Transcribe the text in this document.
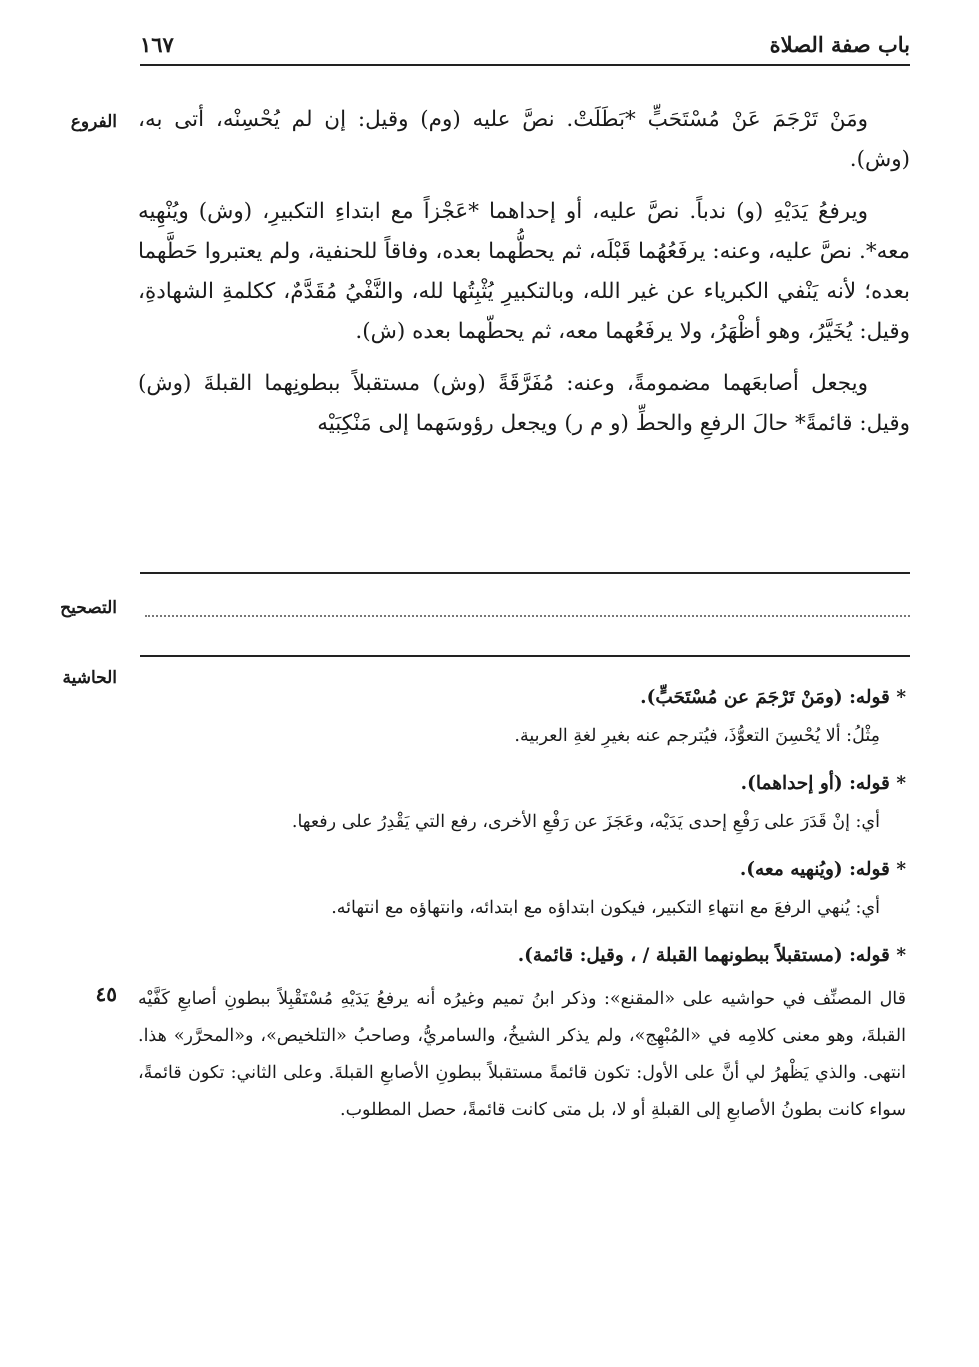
باب صفة الصلاة
١٦٧
الفروع ومَنْ تَرْجَمَ عَنْ مُسْتَحَبٍّ *بَطَلَتْ. نصَّ عليه (وم) وقيل: إن لم يُحْسِنْه، أتى به، (وش).

ويرفعُ يَدَيْهِ (و) ندباً. نصَّ عليه، أو إحداهما *عَجْزاً مع ابتداءِ التكبيرِ، (وش) ويُنْهِيه معه*. نصَّ عليه، وعنه: يرفَعُهُما قَبْلَه، ثم يحطُّهما بعده، وفاقاً للحنفية، ولم يعتبروا حَطَّهما بعده؛ لأنه يَنْفي الكبرياء عن غير الله، وبالتكبيرِ يُثْبِتُها لله، والنَّفْيُ مُقَدَّمٌ، ككلمةِ الشهادةِ، وقيل: يُخَيَّرُ، وهو أظْهَرُ، ولا يرفَعُهما معه، ثم يحطّهما بعده (ش).

ويجعل أصابعَهما مضمومةً، وعنه: مُفَرَّقَةً (وش) مستقبلاً ببطونِهما القبلةَ (وش) وقيل: قائمةً* حالَ الرفعِ والحطِّ (و م ر) ويجعل رؤوسَهما إلى مَنْكِبَيْه

التصحيح
الحاشية
٤٥

* قوله: (ومَنْ تَرْجَمَ عن مُسْتَحَبٍّ).

مِثْلُ: ألا يُحْسِنَ التعوُّذَ، فيُترجم عنه بغيرِ لغةِ العربية.

* قوله: (أو إحداهما).

أي: إنْ قَدَرَ على رَفْعِ إحدى يَدَيْه، وعَجَزَ عن رَفْعِ الأخرى، رفع التي يَقْدِرُ على رفعها.

* قوله: (ويُنهيه معه).

أي: يُنهي الرفعَ مع انتهاءِ التكبير، فيكون ابتداؤه مع ابتدائه، وانتهاؤه مع انتهائه.

* قوله: (مستقبلاً ببطونهما القبلة / ، وقيل: قائمة).

قال المصنِّف في حواشيه على «المقنع»: وذكر ابنُ تميم وغيرُه أنه يرفعُ يَدَيْهِ مُسْتَقْبِلاً ببطونِ أصابعِ كَفَّيْه القبلةَ، وهو معنى كلامِه في «المُبْهِج»، ولم يذكر الشيخُ، والسامريُّ، وصاحبُ «التلخيص»، و«المحرَّر» هذا. انتهى. والذي يَظْهرُ لي أنَّ على الأول: تكون قائمةً مستقبلاً ببطونِ الأصابعِ القبلةَ. وعلى الثاني: تكون قائمةً، سواء كانت بطونُ الأصابعِ إلى القبلةِ أو لا، بل متى كانت قائمةً، حصل المطلوب.
